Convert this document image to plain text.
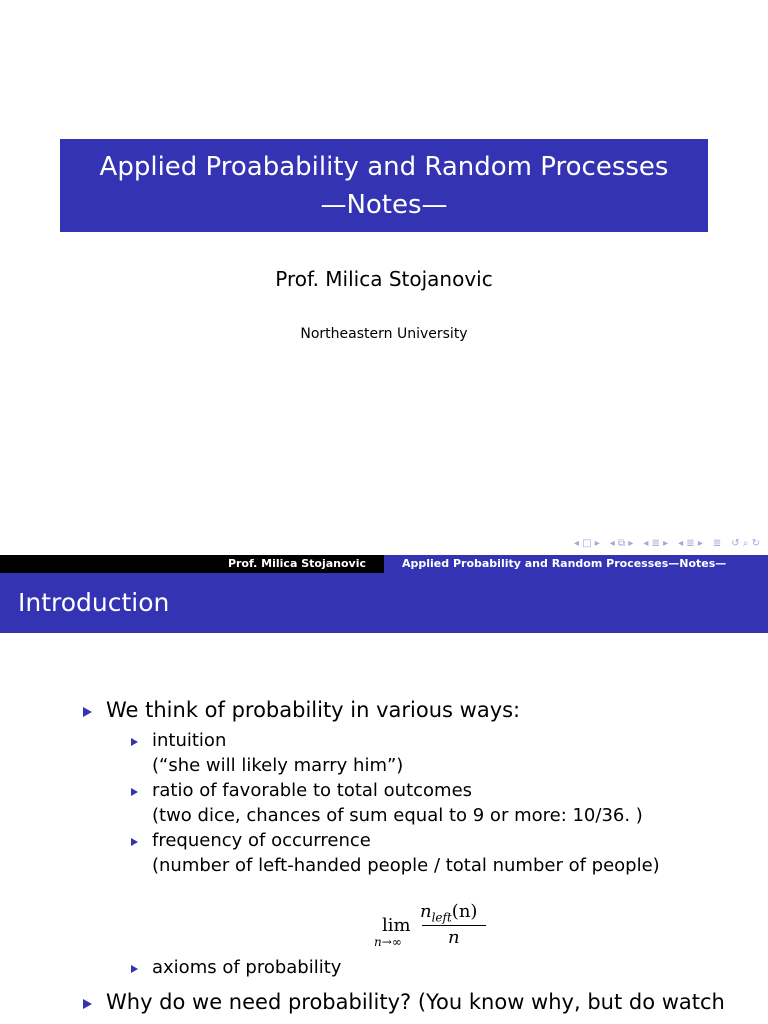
Applied Proabability and Random Processes
—Notes—
Prof. Milica Stojanovic
Northeastern University
◂ □ ▸ ◂ ⧉ ▸ ◂ ≣ ▸ ◂ ≣ ▸ ≣ ↺ ⌕ ↻
Prof. Milica Stojanovic	Applied Probability and Random Processes—Notes—
Introduction
We think of probability in various ways:
intuition
(“she will likely marry him”)
ratio of favorable to total outcomes
(two dice, chances of sum equal to 9 or more: 10/36. )
frequency of occurrence
(number of left-handed people / total number of people)
lim
n→∞
$n_{left}(n)$
n
axioms of probability
Why do we need probability? (You know why, but do watch
